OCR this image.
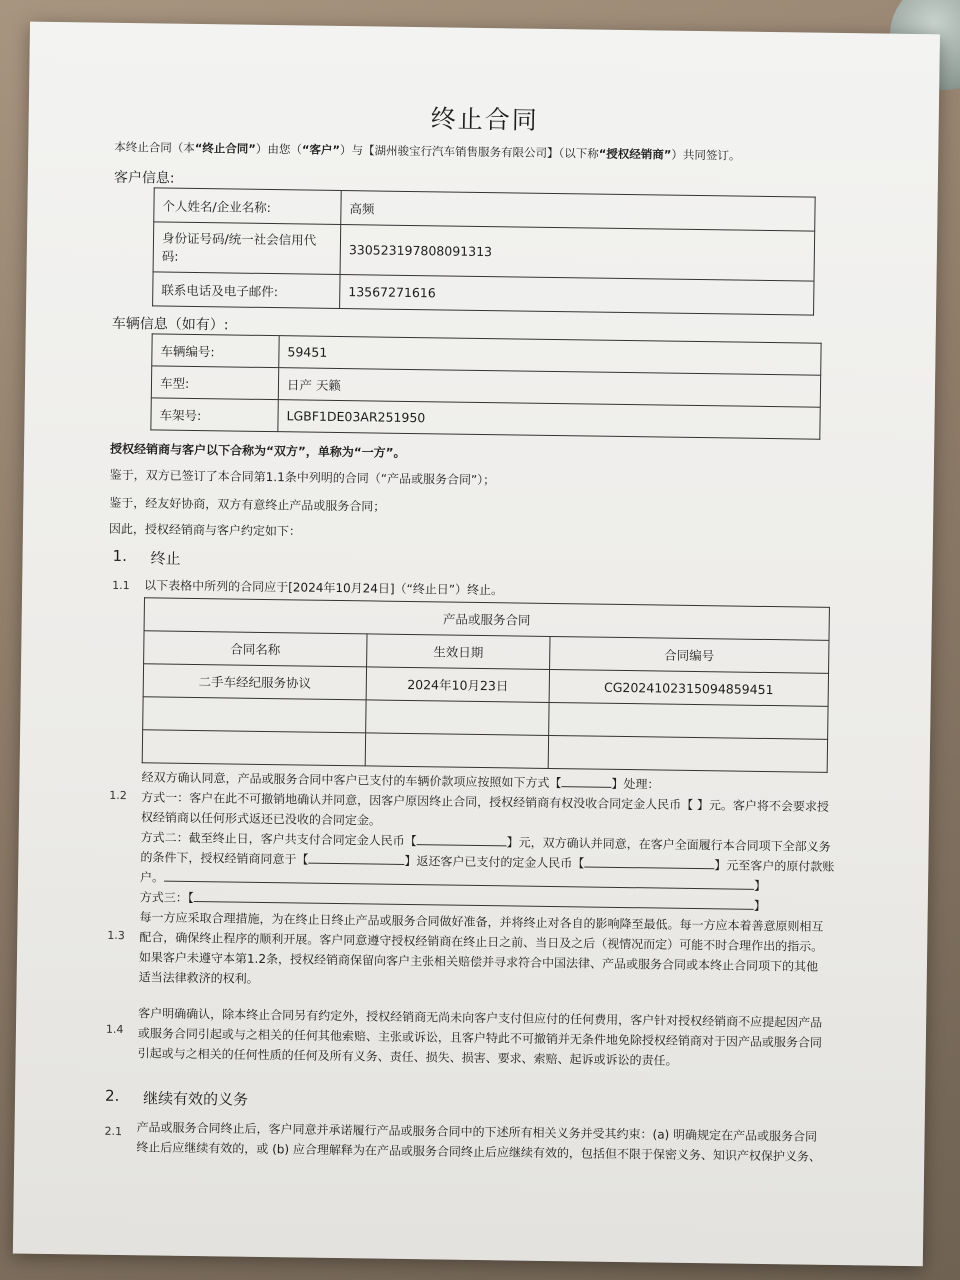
终止合同
本终止合同（本“终止合同”）由您（“客户”）与【湖州骏宝行汽车销售服务有限公司】（以下称“授权经销商”）共同签订。
客户信息:
个人姓名/企业名称:	高频
身份证号码/统一社会信用代码:	330523197808091313
联系电话及电子邮件:	13567271616
车辆信息（如有）:
车辆编号:	59451
车型:	日产 天籁
车架号:	LGBF1DE03AR251950
授权经销商与客户以下合称为“双方”，单称为“一方”。
鉴于，双方已签订了本合同第1.1条中列明的合同（“产品或服务合同”）；
鉴于，经友好协商，双方有意终止产品或服务合同；
因此，授权经销商与客户约定如下：
1. 终止
1.1 以下表格中所列的合同应于[2024年10月24日]（“终止日”）终止。
产品或服务合同		
合同名称	生效日期	合同编号
二手车经纪服务协议	2024年10月23日	CG20241023150948594​51

1.2
经双方确认同意，产品或服务合同中客户已支付的车辆价款项应按照如下方式【	】处理：
方式一：客户在此不可撤销地确认并同意，因客户原因终止合同，授权经销商有权没收合同定金人民币【 】元。客户将不会要求授
权经销商以任何形式返还已没收的合同定金。
方式二：截至终止日，客户共支付合同定金人民币【	】元，双方确认并同意，在客户全面履行本合同项下全部义务
的条件下，授权经销商同意于【	】返还客户已支付的定金人民币【	】元至客户的原付款账
户。】
方式三：【】
1.3
每一方应采取合理措施，为在终止日终止产品或服务合同做好准备，并将终止对各自的影响降至最低。每一方应本着善意原则相互
配合，确保终止程序的顺利开展。客户同意遵守授权经销商在终止日之前、当日及之后（视情况而定）可能不时合理作出的指示。
如果客户未遵守本第1.2条，授权经销商保留向客户主张相关赔偿并寻求符合中国法律、产品或服务合同或本终止合同项下的其他
适当法律救济的权利。
1.4 客户明确确认，除本终止合同另有约定外，授权经销商无尚未向客户支付但应付的任何费用，客户针对授权经销商不应提起因产品
或服务合同引起或与之相关的任何其他索赔、主张或诉讼，且客户特此不可撤销并无条件地免除授权经销商对于因产品或服务合同
引起或与之相关的任何性质的任何及所有义务、责任、损失、损害、要求、索赔、起诉或诉讼的责任。
2. 继续有效的义务
2.1 产品或服务合同终止后，客户同意并承诺履行产品或服务合同中的下述所有相关义务并受其约束：(a) 明确规定在产品或服务合同
终止后应继续有效的，或 (b) 应合理解释为在产品或服务合同终止后应继续有效的，包括但不限于保密义务、知识产权保护义务、
